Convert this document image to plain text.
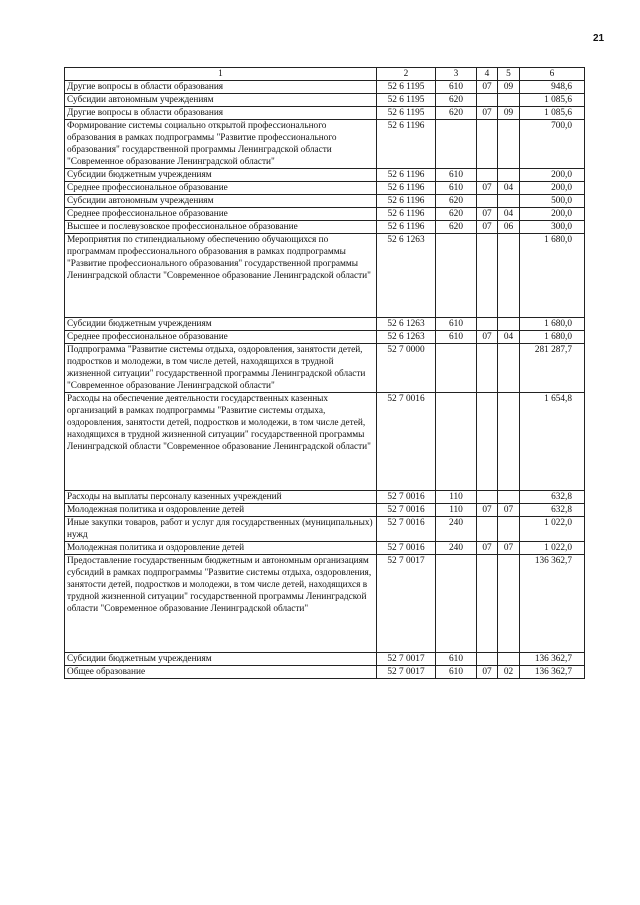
21
1	2	3	4	5	6
Другие вопросы в области образования	52 6 1195	610	07	09	948,6
Субсидии автономным учреждениям	52 6 1195	620			1 085,6
Другие вопросы в области образования	52 6 1195	620	07	09	1 085,6
Формирование системы социально открытой профессионального образования в рамках подпрограммы "Развитие профессионального образования" государственной программы Ленинградской области "Современное образование Ленинградской области"	52 6 1196				700,0
Субсидии бюджетным учреждениям	52 6 1196	610			200,0
Среднее профессиональное образование	52 6 1196	610	07	04	200,0
Субсидии автономным учреждениям	52 6 1196	620			500,0
Среднее профессиональное образование	52 6 1196	620	07	04	200,0
Высшее и послевузовское профессиональное образование	52 6 1196	620	07	06	300,0
Мероприятия по стипендиальному обеспечению обучающихся по программам профессионального образования в рамках подпрограммы "Развитие профессионального образования" государственной программы Ленинградской области "Современное образование Ленинградской области"	52 6 1263				1 680,0
Субсидии бюджетным учреждениям	52 6 1263	610			1 680,0
Среднее профессиональное образование	52 6 1263	610	07	04	1 680,0
Подпрограмма "Развитие системы отдыха, оздоровления, занятости детей, подростков и молодежи, в том числе детей, находящихся в трудной жизненной ситуации" государственной программы Ленинградской области "Современное образование Ленинградской области"	52 7 0000				281 287,7
Расходы на обеспечение деятельности государственных казенных организаций в рамках подпрограммы "Развитие системы отдыха, оздоровления, занятости детей, подростков и молодежи, в том числе детей, находящихся в трудной жизненной ситуации" государственной программы Ленинградской области "Современное образование Ленинградской области"	52 7 0016				1 654,8
Расходы на выплаты персоналу казенных учреждений	52 7 0016	110			632,8
Молодежная политика и оздоровление детей	52 7 0016	110	07	07	632,8
Иные закупки товаров, работ и услуг для государственных (муниципальных) нужд	52 7 0016	240			1 022,0
Молодежная политика и оздоровление детей	52 7 0016	240	07	07	1 022,0
Предоставление государственным бюджетным и автономным организациям субсидий в рамках подпрограммы "Развитие системы отдыха, оздоровления, занятости детей, подростков и молодежи, в том числе детей, находящихся в трудной жизненной ситуации" государственной программы Ленинградской области "Современное образование Ленинградской области"	52 7 0017				136 362,7
Субсидии бюджетным учреждениям	52 7 0017	610			136 362,7
Общее образование	52 7 0017	610	07	02	136 362,7
